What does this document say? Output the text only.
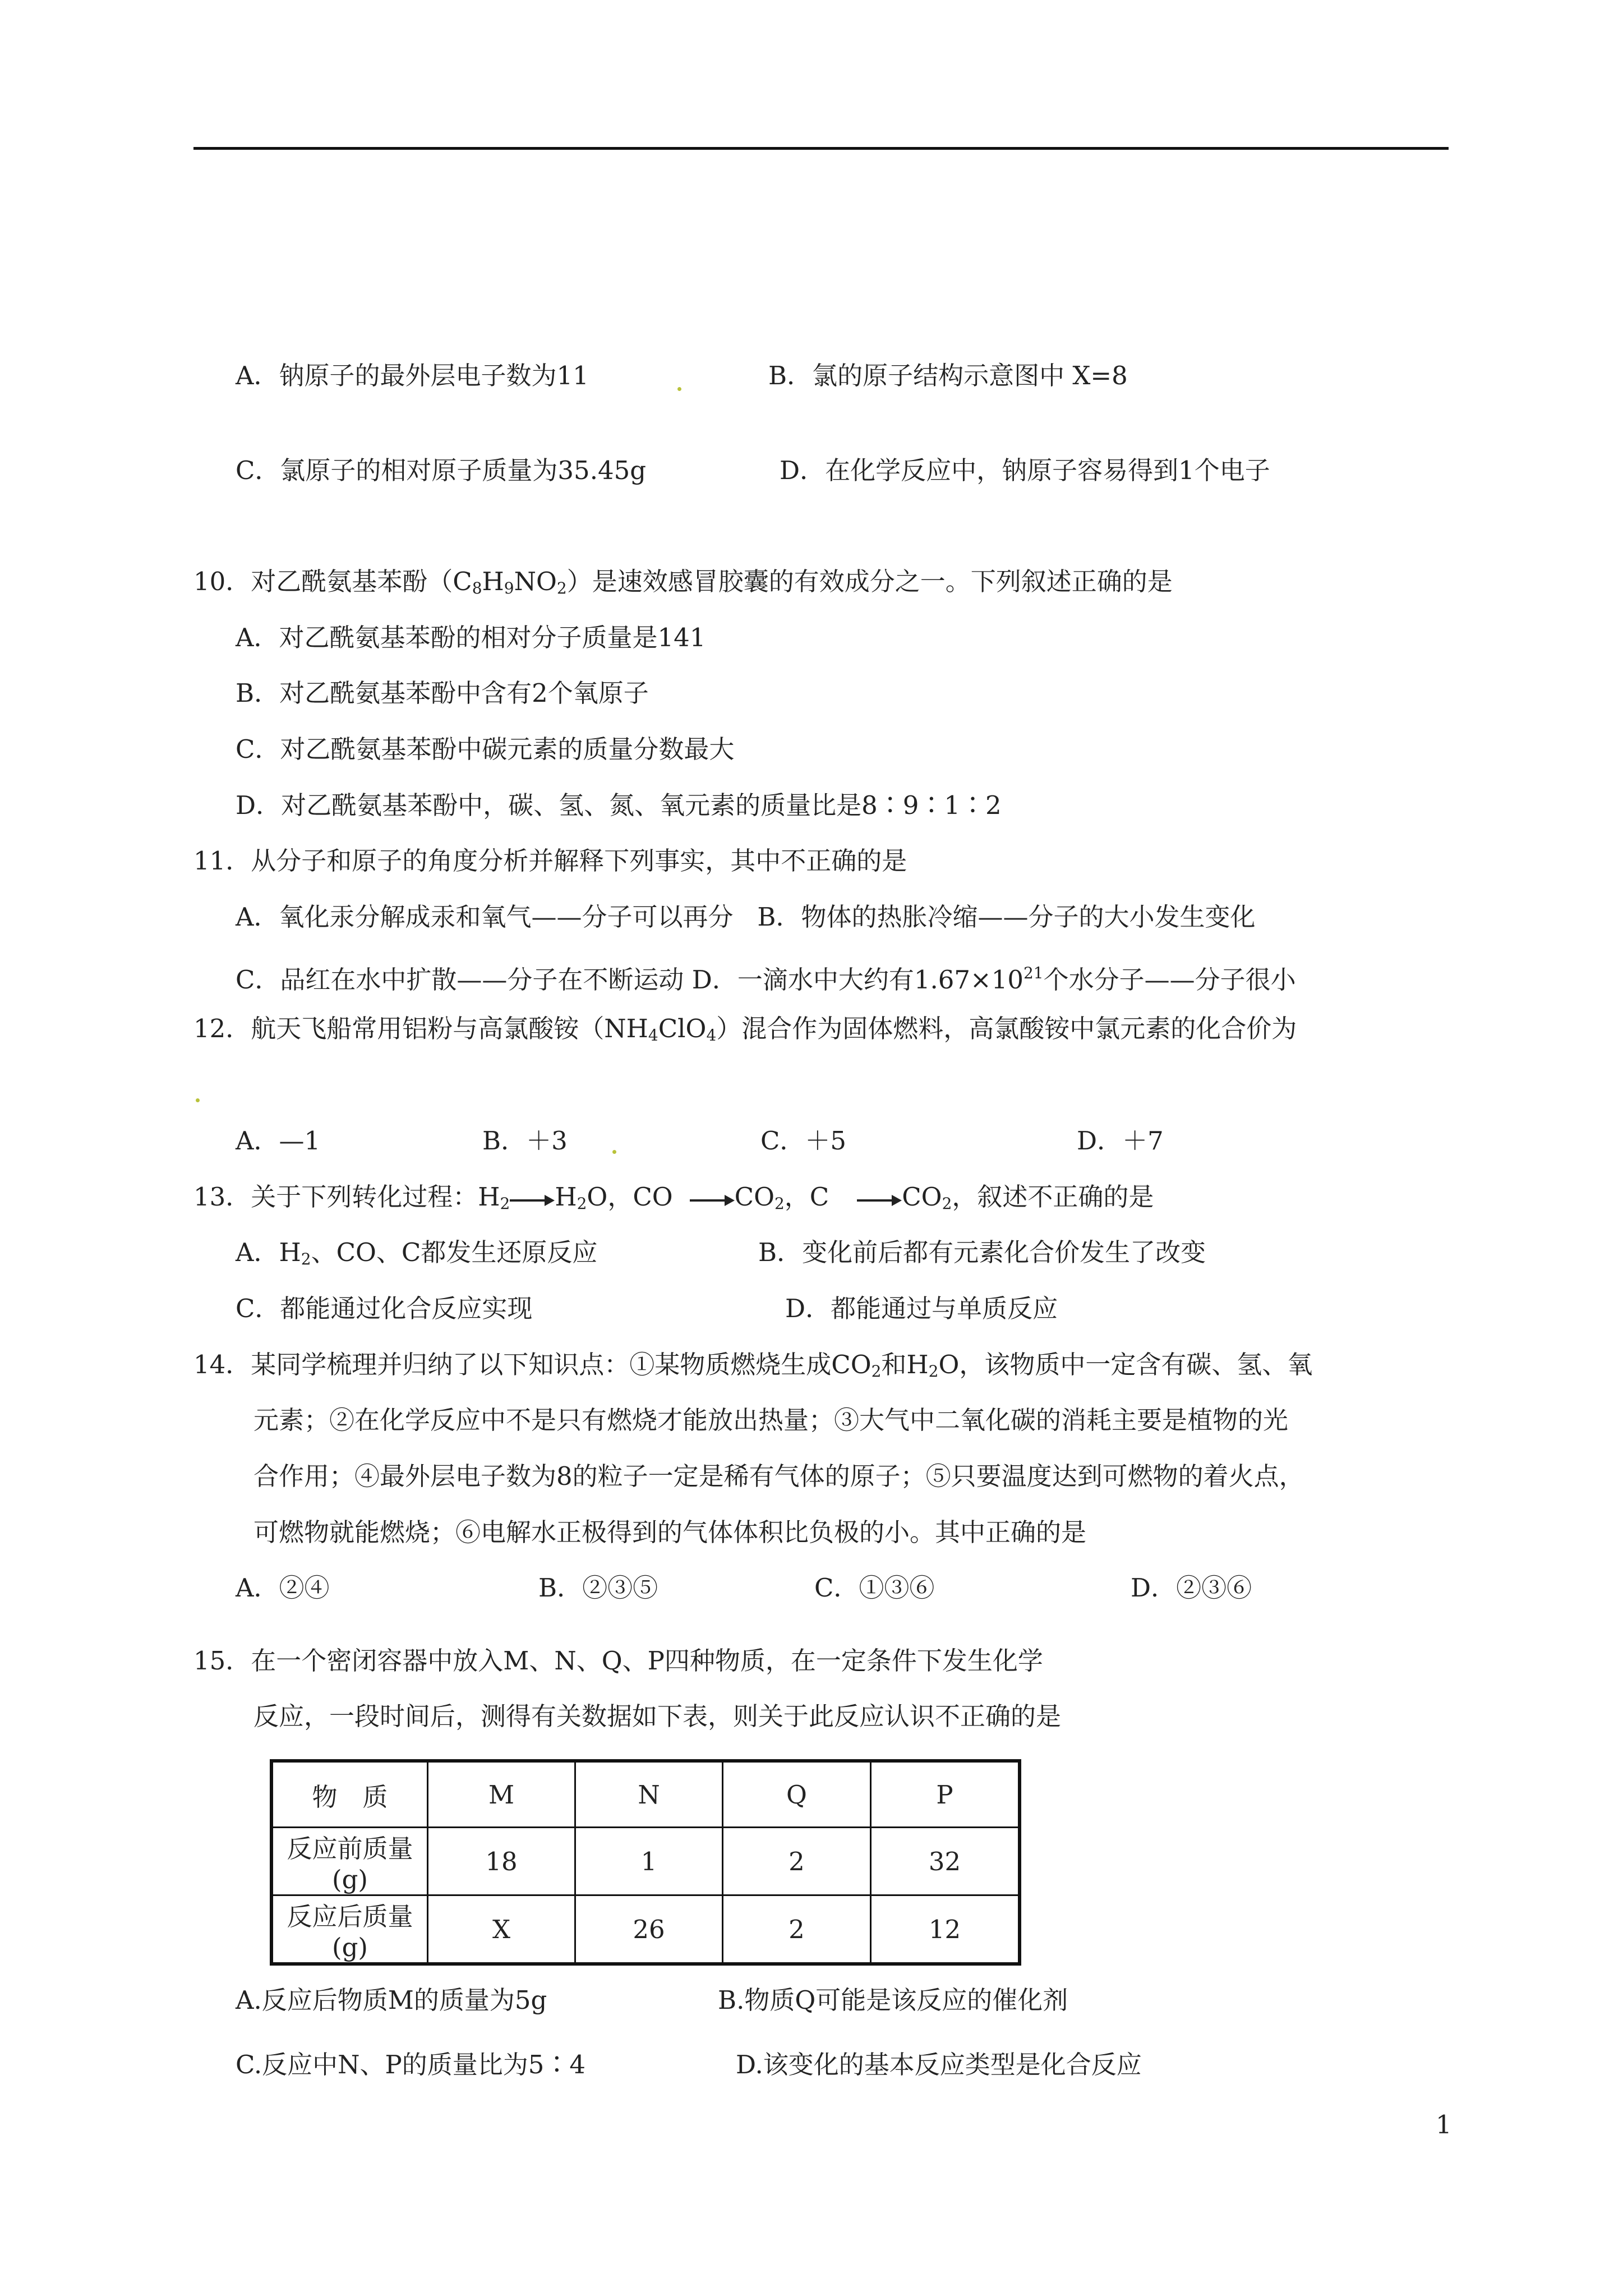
A．钠原子的最外层电子数为11	B．氯的原子结构示意图中 X=8
C．氯原子的相对原子质量为35.45g	D．在化学反应中，钠原子容易得到1个电子
10．对乙酰氨基苯酚$(C_8H_9NO_2)$是速效感冒胶囊的有效成分之一。下列叙述正确的是
A．对乙酰氨基苯酚的相对分子质量是141
B．对乙酰氨基苯酚中含有2个氧原子
C．对乙酰氨基苯酚中碳元素的质量分数最大
D．对乙酰氨基苯酚中，碳、氢、氮、氧元素的质量比是8∶9∶1∶2
11．从分子和原子的角度分析并解释下列事实，其中不正确的是
A．氧化汞分解成汞和氧气——分子可以再分   B．物体的热胀冷缩——分子的大小发生变化
C．品红在水中扩散——分子在不断运动 D．一滴水中大约有$1.67\times 10^{21}$个水分子——分子很小
12．航天飞船常用铝粉与高氯酸铵$(NH_4ClO_4)$混合作为固体燃料，高氯酸铵中氯元素的化合价为
A．—1	B．＋3	C．＋5	D．＋7
13．关于下列转化过程：$H_2$ $H_2O$，CO $CO_2$，C	$CO_2$，叙述不正确的是
A．$H_2$、CO、C都发生还原反应	B．变化前后都有元素化合价发生了改变
C．都能通过化合反应实现	D．都能通过与单质反应
14．某同学梳理并归纳了以下知识点：①某物质燃烧生成$CO_2$和$H_2O$，该物质中一定含有碳、氢、氧
元素；②在化学反应中不是只有燃烧才能放出热量；③大气中二氧化碳的消耗主要是植物的光
合作用；④最外层电子数为8的粒子一定是稀有气体的原子；⑤只要温度达到可燃物的着火点，
可燃物就能燃烧；⑥电解水正极得到的气体体积比负极的小。其中正确的是
A．②④	B．②③⑤	C．①③⑥	D．②③⑥
15．在一个密闭容器中放入M、N、Q、P四种物质，在一定条件下发生化学
反应，一段时间后，测得有关数据如下表，则关于此反应认识不正确的是
物　质	M	N	Q	P
反应前质量(g)	18	1	2	32
反应后质量(g)	X	26	2	12
A.反应后物质M的质量为5g	B.物质Q可能是该反应的催化剂
C.反应中N、P的质量比为5∶4	D.该变化的基本反应类型是化合反应
1
